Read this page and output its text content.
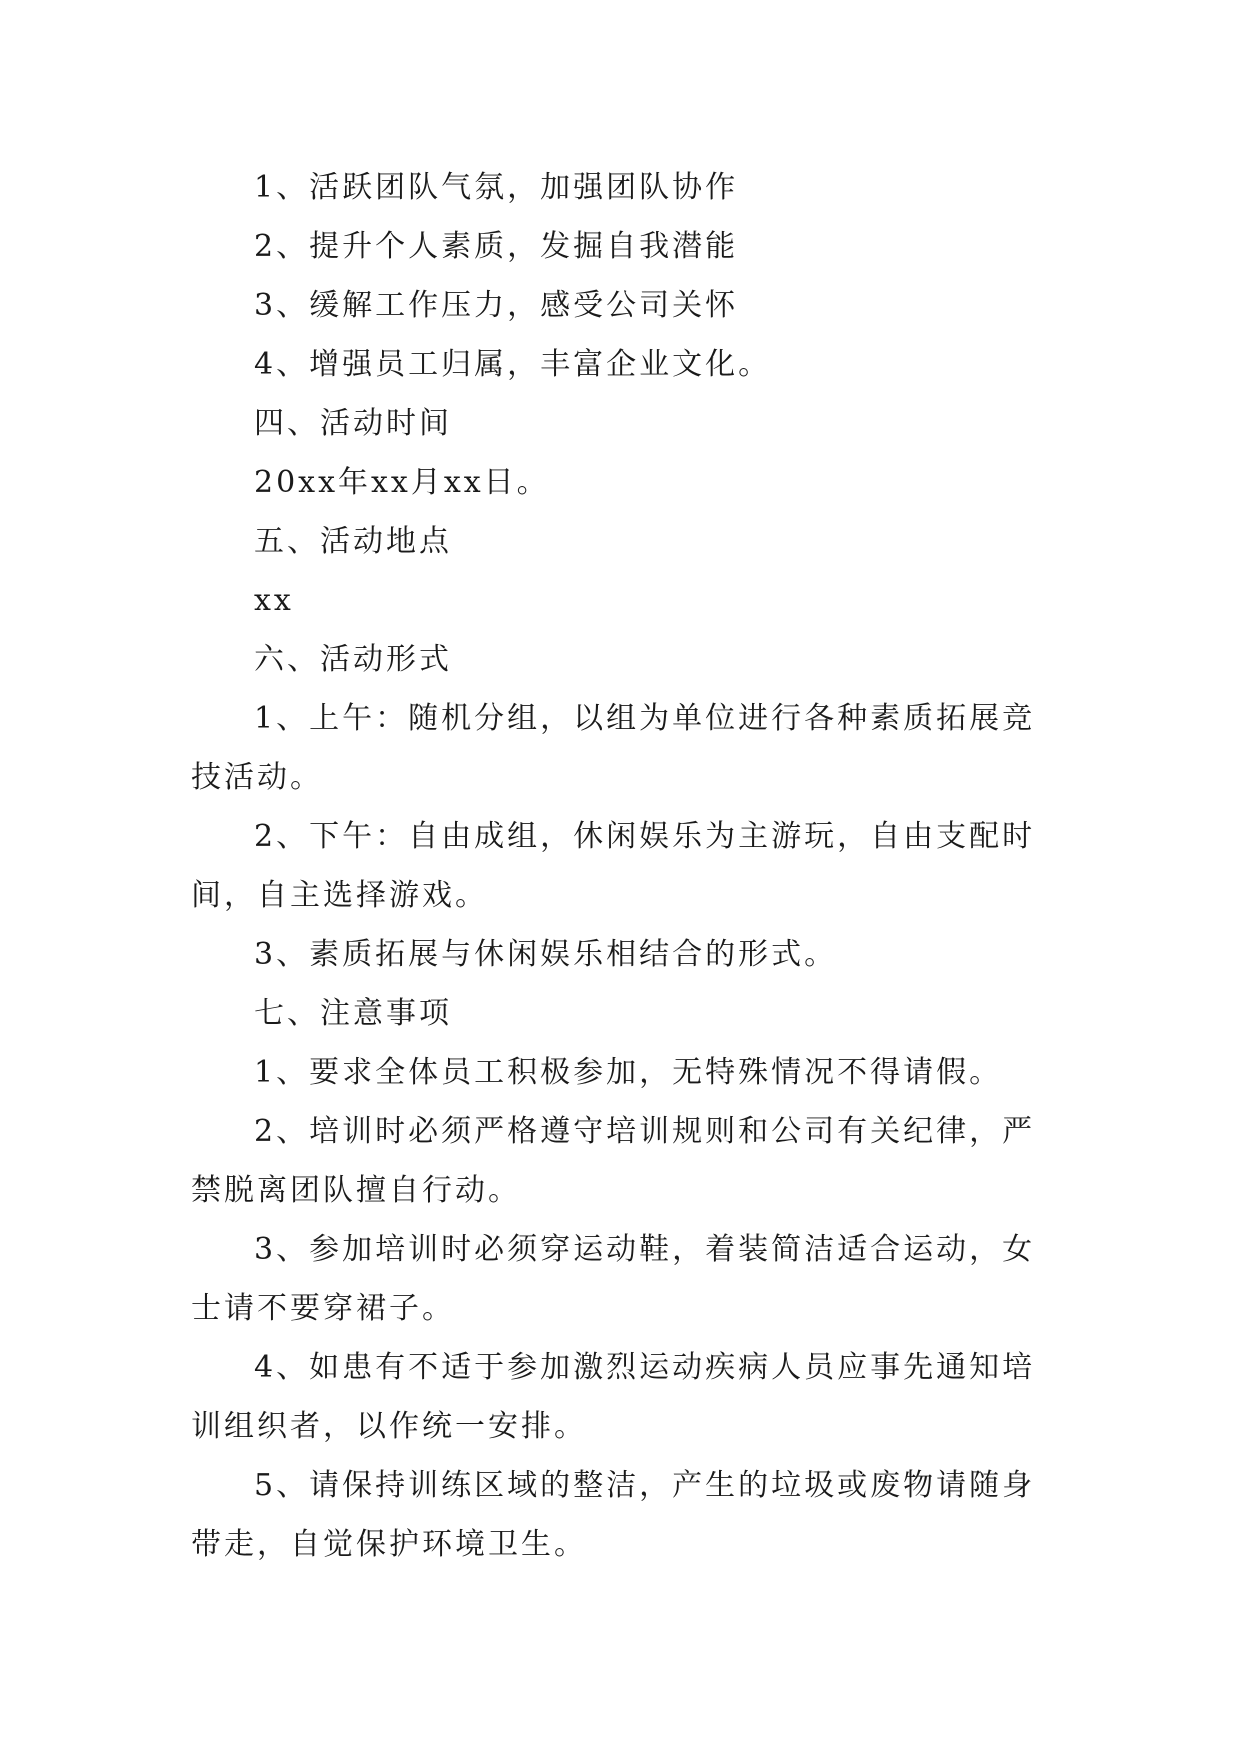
1、活跃团队气氛，加强团队协作

2、提升个人素质，发掘自我潜能

3、缓解工作压力，感受公司关怀

4、增强员工归属，丰富企业文化。

四、活动时间

20xx年xx月xx日。

五、活动地点

xx

六、活动形式

1、上午：随机分组，以组为单位进行各种素质拓展竞技活动。

2、下午：自由成组，休闲娱乐为主游玩，自由支配时间，自主选择游戏。

3、素质拓展与休闲娱乐相结合的形式。

七、注意事项

1、要求全体员工积极参加，无特殊情况不得请假。

2、培训时必须严格遵守培训规则和公司有关纪律，严禁脱离团队擅自行动。

3、参加培训时必须穿运动鞋，着装简洁适合运动，女士请不要穿裙子。

4、如患有不适于参加激烈运动疾病人员应事先通知培训组织者，以作统一安排。

5、请保持训练区域的整洁，产生的垃圾或废物请随身带走，自觉保护环境卫生。
